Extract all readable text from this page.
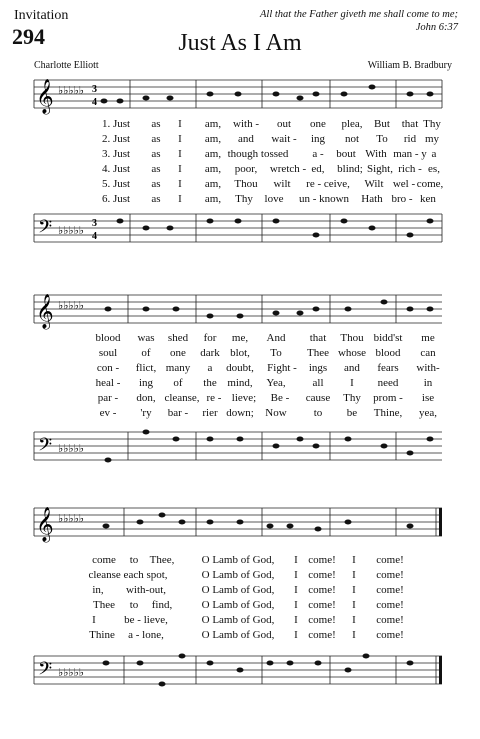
Invitation
294	Just As I Am
All that the Father giveth me shall come to me;
John 6:37
Charlotte Elliott	William B. Bradbury
𝄞 ♭♭♭♭♭ 3
4
1. Just as I am, with - out one plea, But that Thy
2. Just as I am, and wait - ing not To rid my
3. Just as I am, though tossed a - bout With man - y a
4. Just as I am, poor, wretch - ed, blind; Sight, rich - es,
5. Just as I am, Thou wilt re - ceive, Wilt wel - come,
6. Just as I am, Thy love un - known Hath bro - ken
𝄢 ♭♭♭♭♭
3
4
𝄞 ♭♭♭♭♭
blood was shed for me, And that Thou bidd'st me
soul of one dark blot, To Thee whose blood can
con - flict, many a doubt, Fight - ings and fears with-
heal - ing of the mind, Yea, all I need in
par - don, cleanse, re - lieve; Be - cause Thy prom - ise
ev - 'ry bar - rier down; Now to be Thine, yea,
𝄢 ♭♭♭♭♭
𝄞 ♭♭♭♭♭
come to Thee, O Lamb of God, I come! I come!
cleanse each spot,	O Lamb of God, I come! I come!
in, with-out,	O Lamb of God, I come! I come!
Thee to find,	O Lamb of God, I come! I come!
I	be - lieve,	O Lamb of God, I come! I come!
Thine a - lone,	O Lamb of God, I come! I come!
𝄢 ♭♭♭♭♭
